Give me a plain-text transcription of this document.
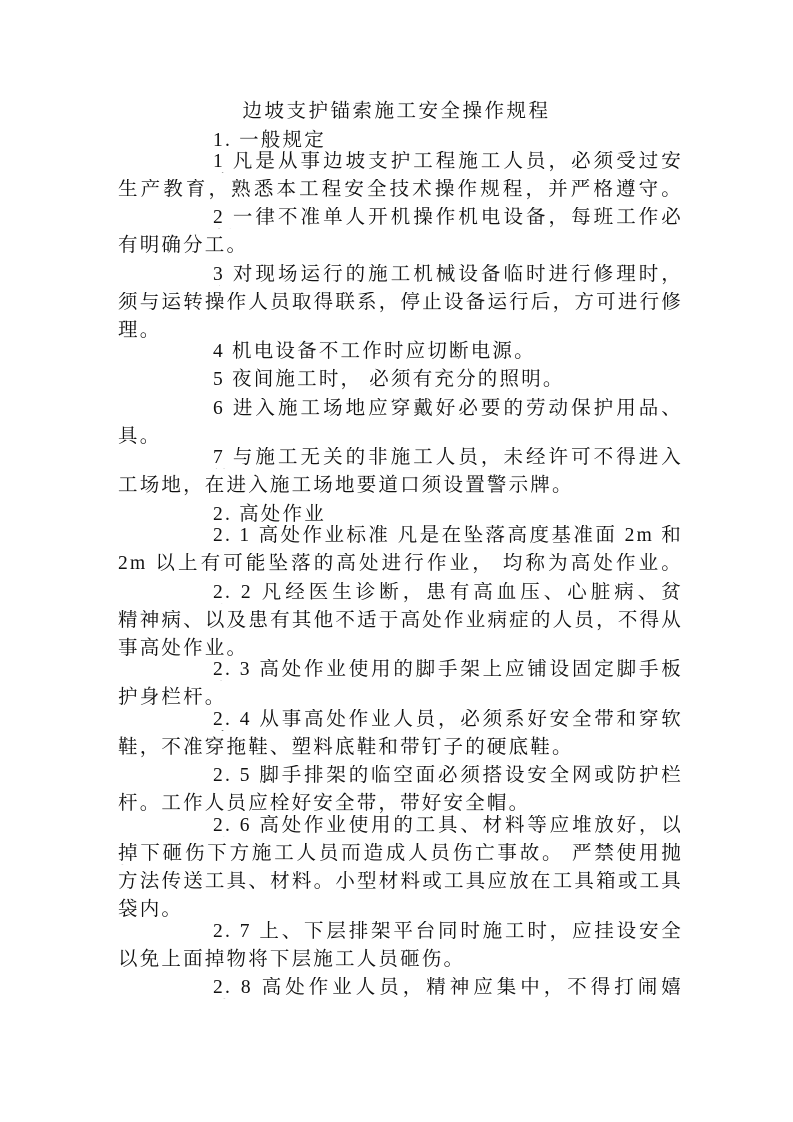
边坡支护锚索施工安全操作规程
1. 一般规定
1 凡是从事边坡支护工程施工人员，必须受过安
生产教育，熟悉本工程安全技术操作规程，并严格遵守。
2 一律不准单人开机操作机电设备，每班工作必
有明确分工。
3 对现场运行的施工机械设备临时进行修理时，
须与运转操作人员取得联系，停止设备运行后，方可进行修
理。
4 机电设备不工作时应切断电源。
5 夜间施工时， 必须有充分的照明。
6 进入施工场地应穿戴好必要的劳动保护用品、
具。
7 与施工无关的非施工人员，未经许可不得进入
工场地，在进入施工场地要道口须设置警示牌。
2. 高处作业
2. 1 高处作业标准 凡是在坠落高度基准面 2m 和
2m 以上有可能坠落的高处进行作业， 均称为高处作业。
2. 2 凡经医生诊断，患有高血压、心脏病、贫
精神病、以及患有其他不适于高处作业病症的人员，不得从
事高处作业。
2. 3 高处作业使用的脚手架上应铺设固定脚手板
护身栏杆。
2. 4 从事高处作业人员，必须系好安全带和穿软
鞋，不准穿拖鞋、塑料底鞋和带钉子的硬底鞋。
2. 5 脚手排架的临空面必须搭设安全网或防护栏
杆。工作人员应栓好安全带，带好安全帽。
2. 6 高处作业使用的工具、材料等应堆放好，以
掉下砸伤下方施工人员而造成人员伤亡事故。 严禁使用抛
方法传送工具、材料。小型材料或工具应放在工具箱或工具
袋内。
2. 7 上、下层排架平台同时施工时，应挂设安全
以免上面掉物将下层施工人员砸伤。
2. 8 高处作业人员，精神应集中，不得打闹嬉
